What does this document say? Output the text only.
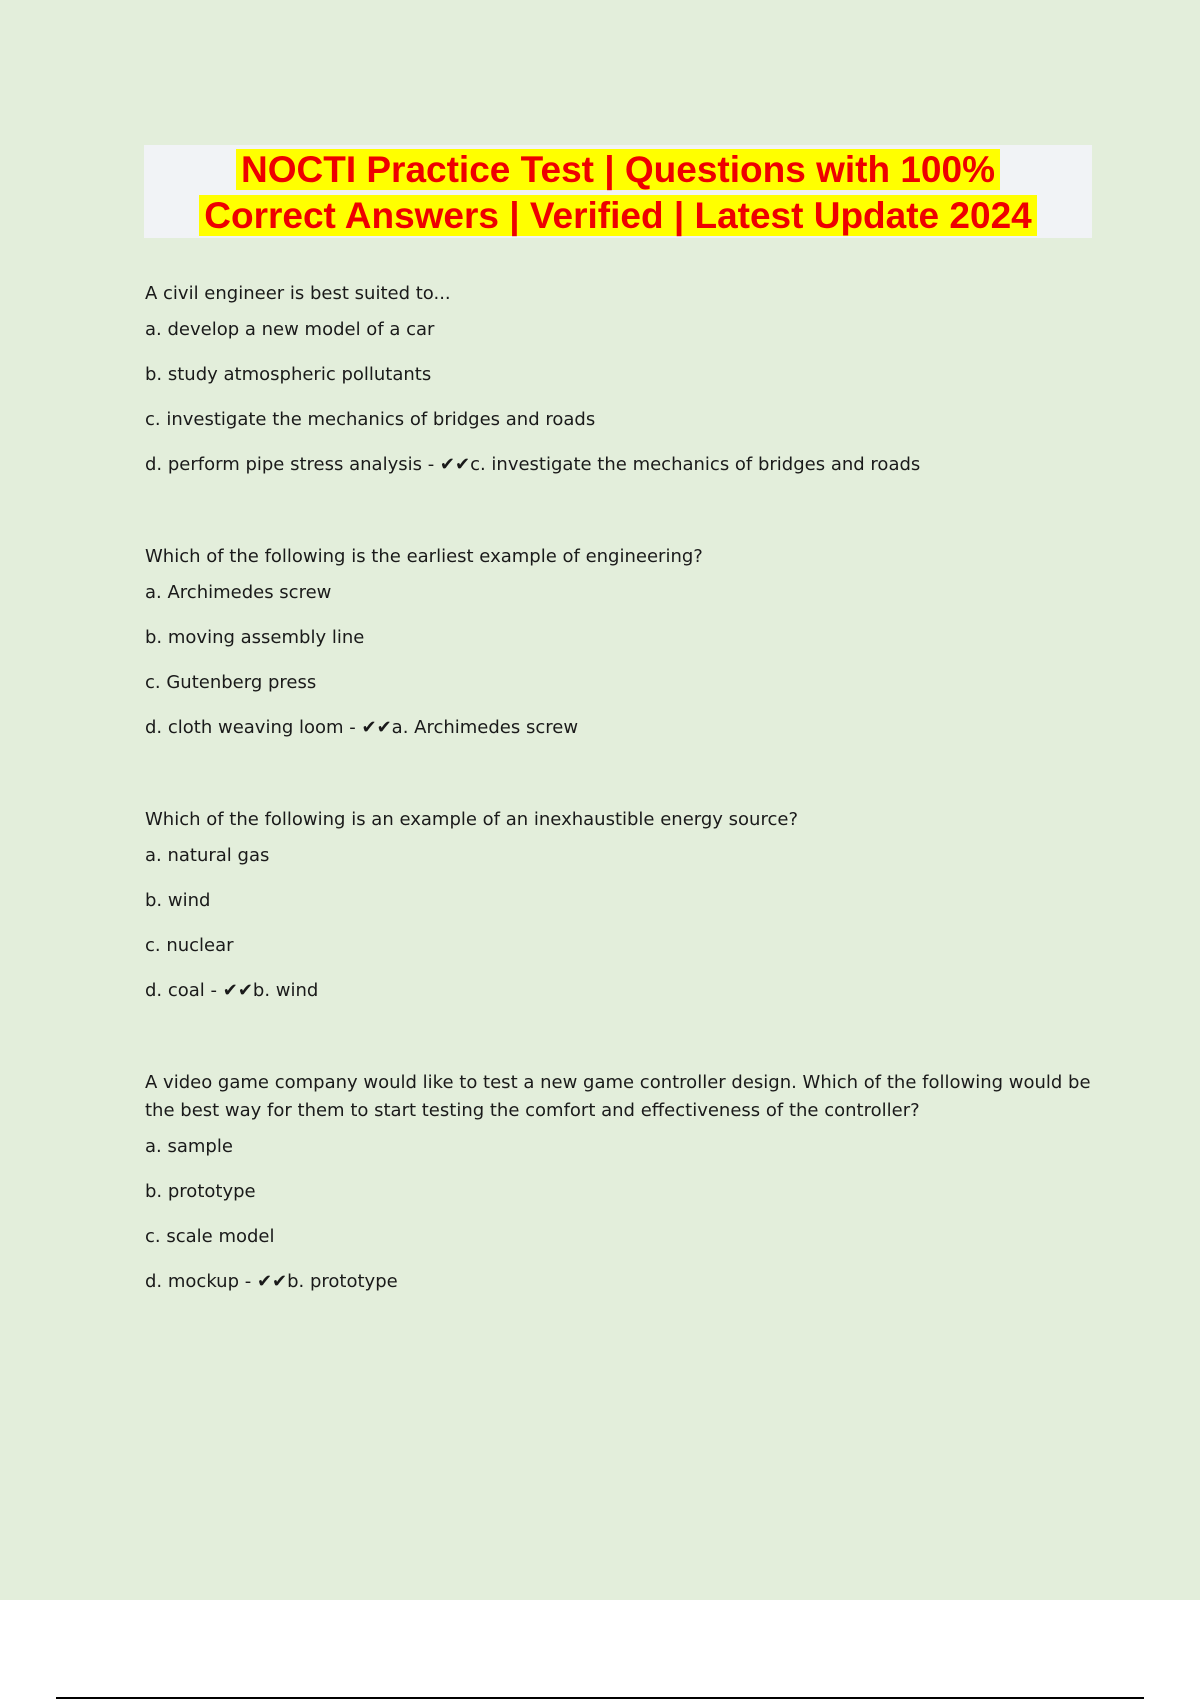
NOCTI Practice Test | Questions with 100%
Correct Answers | Verified | Latest Update 2024

A civil engineer is best suited to...

a. develop a new model of a car

b. study atmospheric pollutants

c. investigate the mechanics of bridges and roads

d. perform pipe stress analysis - ✔✔c. investigate the mechanics of bridges and roads

Which of the following is the earliest example of engineering?

a. Archimedes screw

b. moving assembly line

c. Gutenberg press

d. cloth weaving loom - ✔✔a. Archimedes screw

Which of the following is an example of an inexhaustible energy source?

a. natural gas

b. wind

c. nuclear

d. coal - ✔✔b. wind

A video game company would like to test a new game controller design. Which of the following would be the best way for them to start testing the comfort and effectiveness of the controller?

a. sample

b. prototype

c. scale model

d. mockup - ✔✔b. prototype
